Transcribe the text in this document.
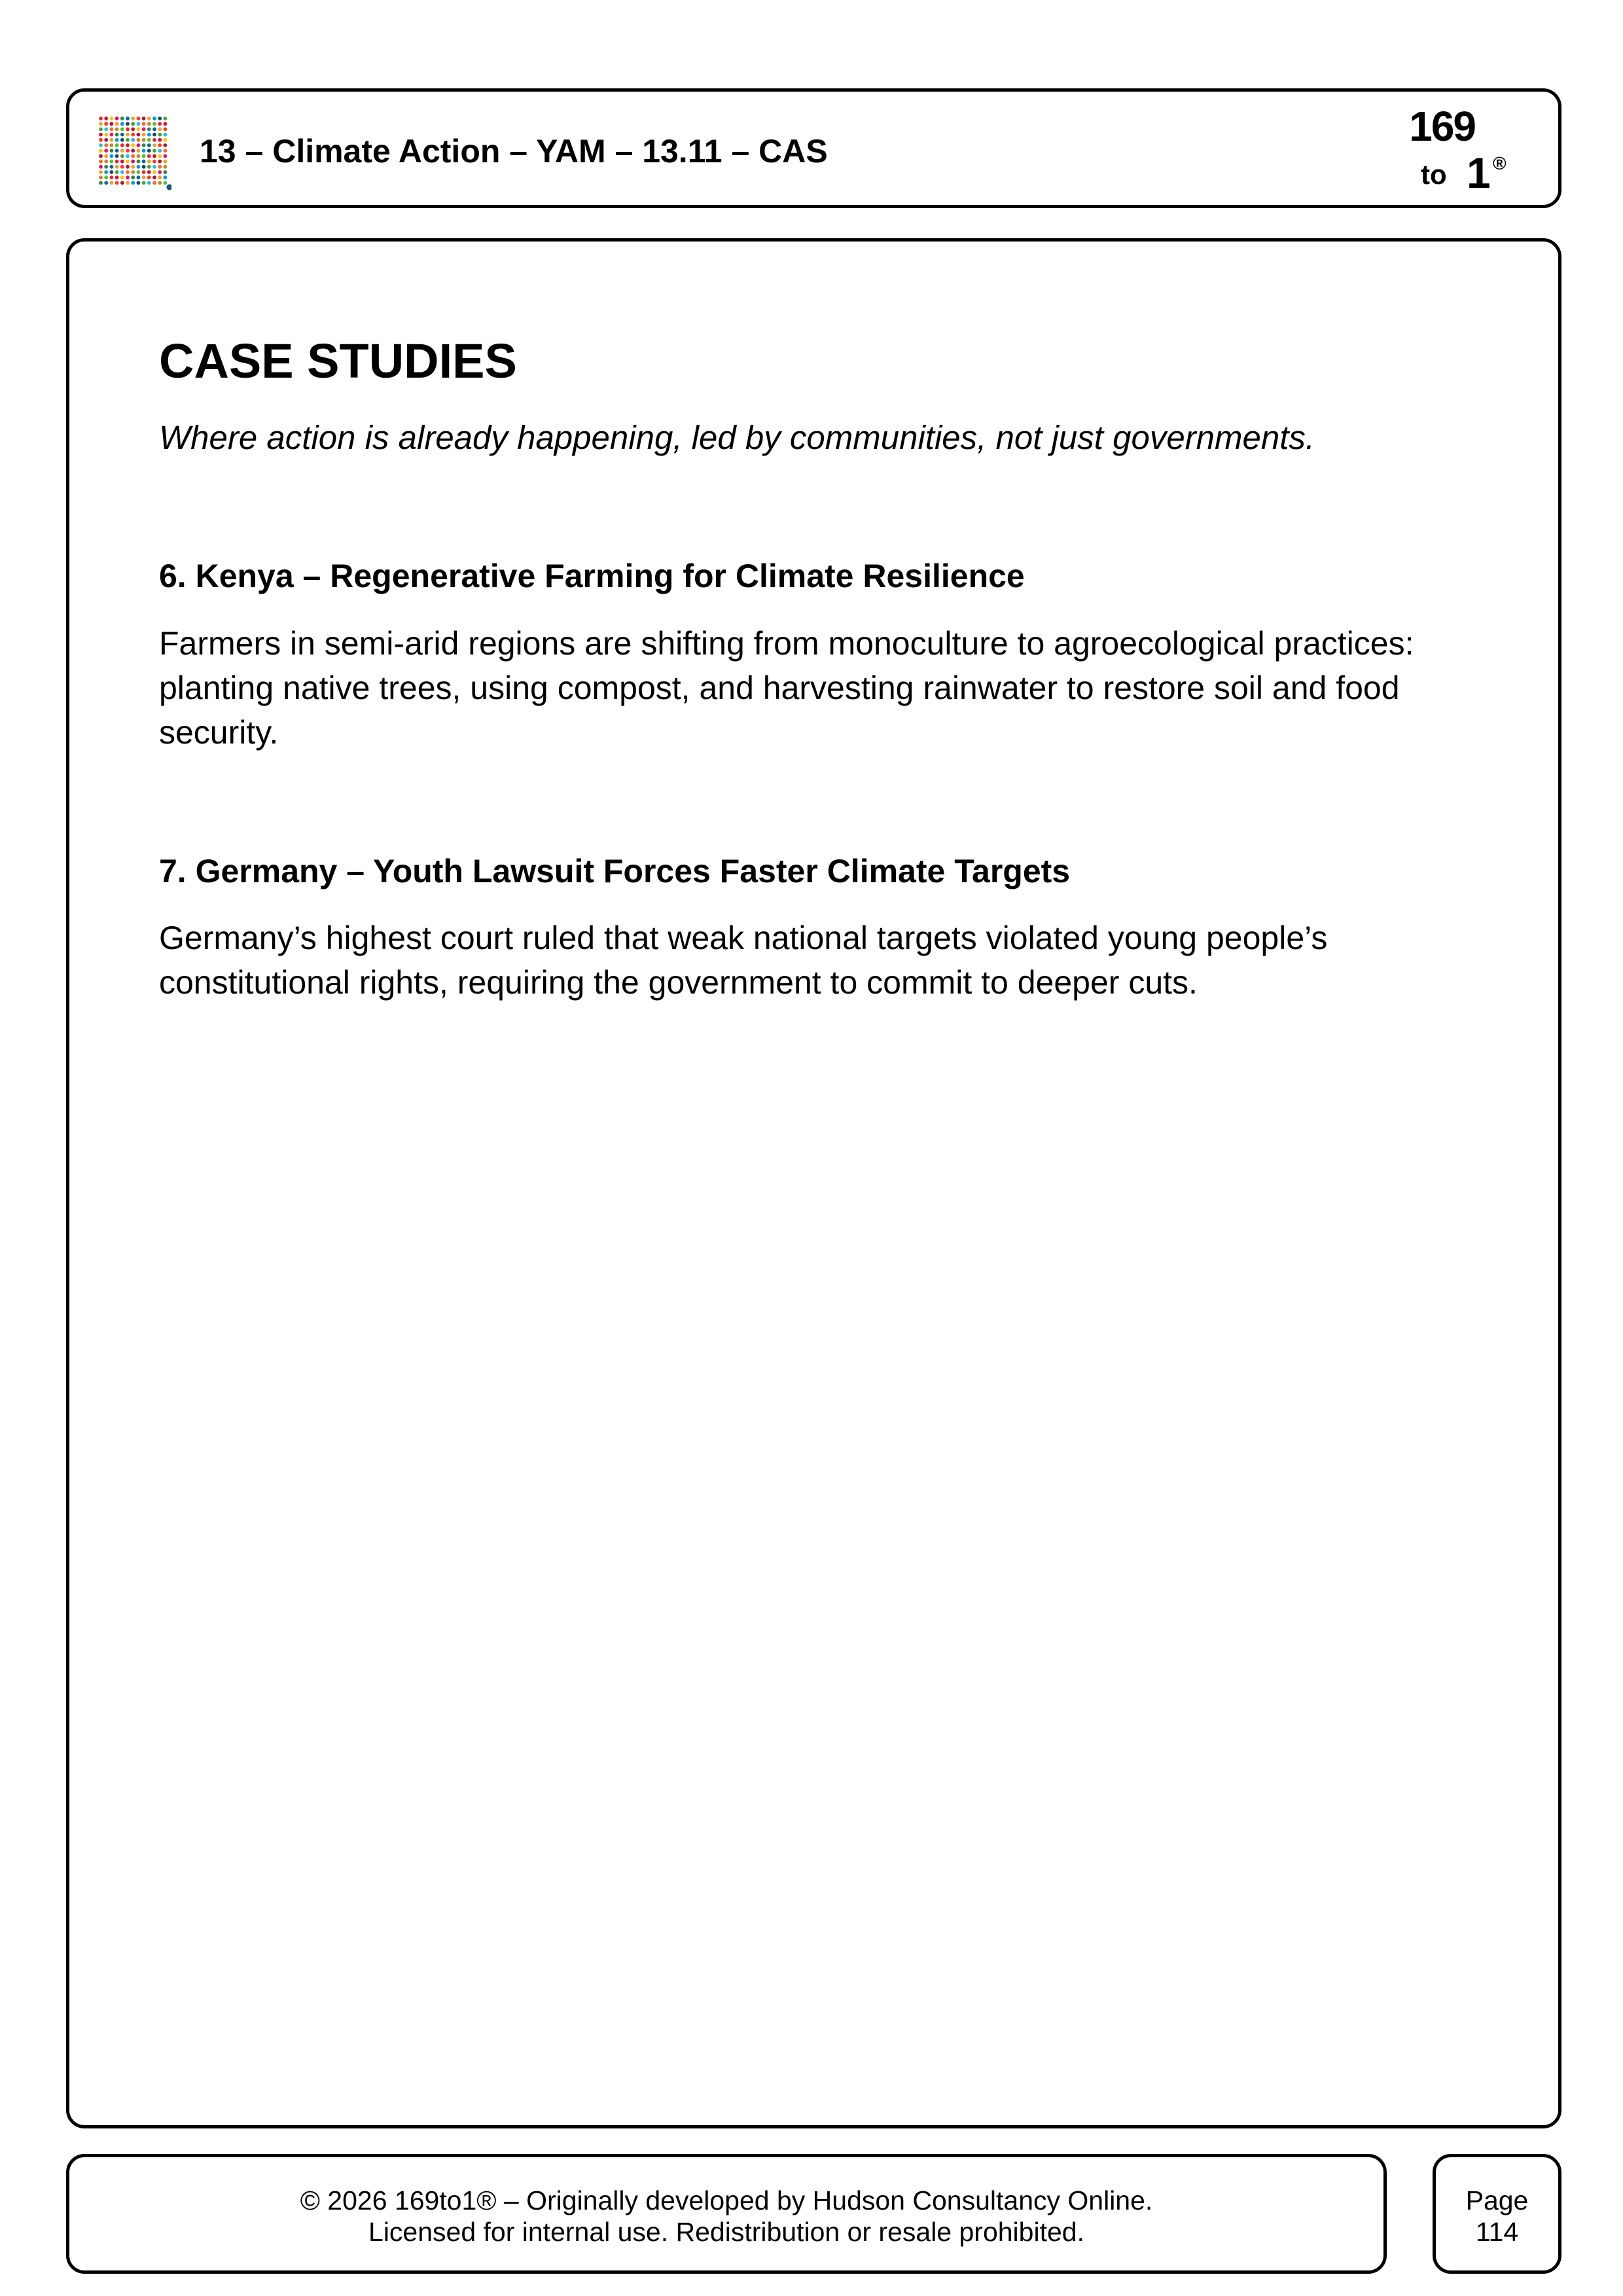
13 – Climate Action – YAM – 13.11 – CAS
169
to 1 ®
CASE STUDIES

Where action is already happening, led by communities, not just governments.

6. Kenya – Regenerative Farming for Climate Resilience

Farmers in semi-arid regions are shifting from monoculture to agroecological practices: planting native trees, using compost, and harvesting rainwater to restore soil and food security.

7. Germany – Youth Lawsuit Forces Faster Climate Targets

Germany’s highest court ruled that weak national targets violated young people’s constitutional rights, requiring the government to commit to deeper cuts.

© 2026 169to1® – Originally developed by Hudson Consultancy Online.
Licensed for internal use. Redistribution or resale prohibited.
Page
114
